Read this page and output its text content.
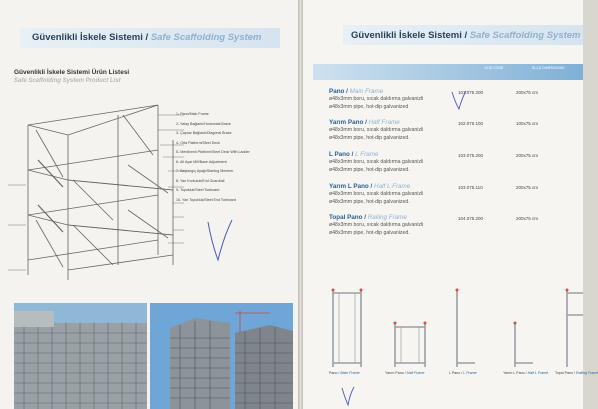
Güvenlikli İskele Sistemi / Safe Scaffolding System
Güvenlikli İskele Sistemi Ürün Listesi
Safe Scaffolding System Product List
1- Pano/Main Frame
2- Yatay Bağlantı/Horizontal Brace
3- Çapraz Bağlantı/Diagonal Brace
4- Orta Platform/Steel Deck
5- Merdivenli Platform/Steel Deck With Ladder
6- Alt Ayar Mili/Base Adjustment
7- Başlangıç Ayağı/Starting Member
8- Yan Korkuluk/End Guardrail
9- Topukluk/Steel Toeboard
10- Yan Topukluk/Steel End Toeboard
Güvenlikli İskele Sistemi / Safe Scaffolding System
KOD CODE	ÖLÇÜ DIMENSIONS
Pano / Main Frame
ø48x3mm boru, sıcak daldırma galvanizli
ø48x3mm pipe, hot-dip galvanized
101.075.200	200x75 cm
Yarım Pano / Half Frame
ø48x3mm boru, sıcak daldırma galvanizli
ø48x3mm pipe, hot-dip galvanized.
102.075.100	100x75 cm
L Pano / L Frame
ø48x3mm boru, sıcak daldırma galvanizli
ø48x3mm pipe, hot-dip galvanized.
103.075.200	200x75 cm
Yarım L Pano / Half L Frame
ø48x3mm boru, sıcak daldırma galvanizli
ø48x3mm pipe, hot-dip galvanized.
103.075.110	200x75 cm
Topal Pano / Railing Frame
ø48x3mm boru, sıcak daldırma galvanizli
ø48x3mm pipe, hot-dip galvanized.
104.075.200	200x75 cm
Pano / Main Frame	Yarım Pano / Half Frame	L Pano / L Frame	Yarım L Pano / Half L Frame Topal Pano / Railing Frame
